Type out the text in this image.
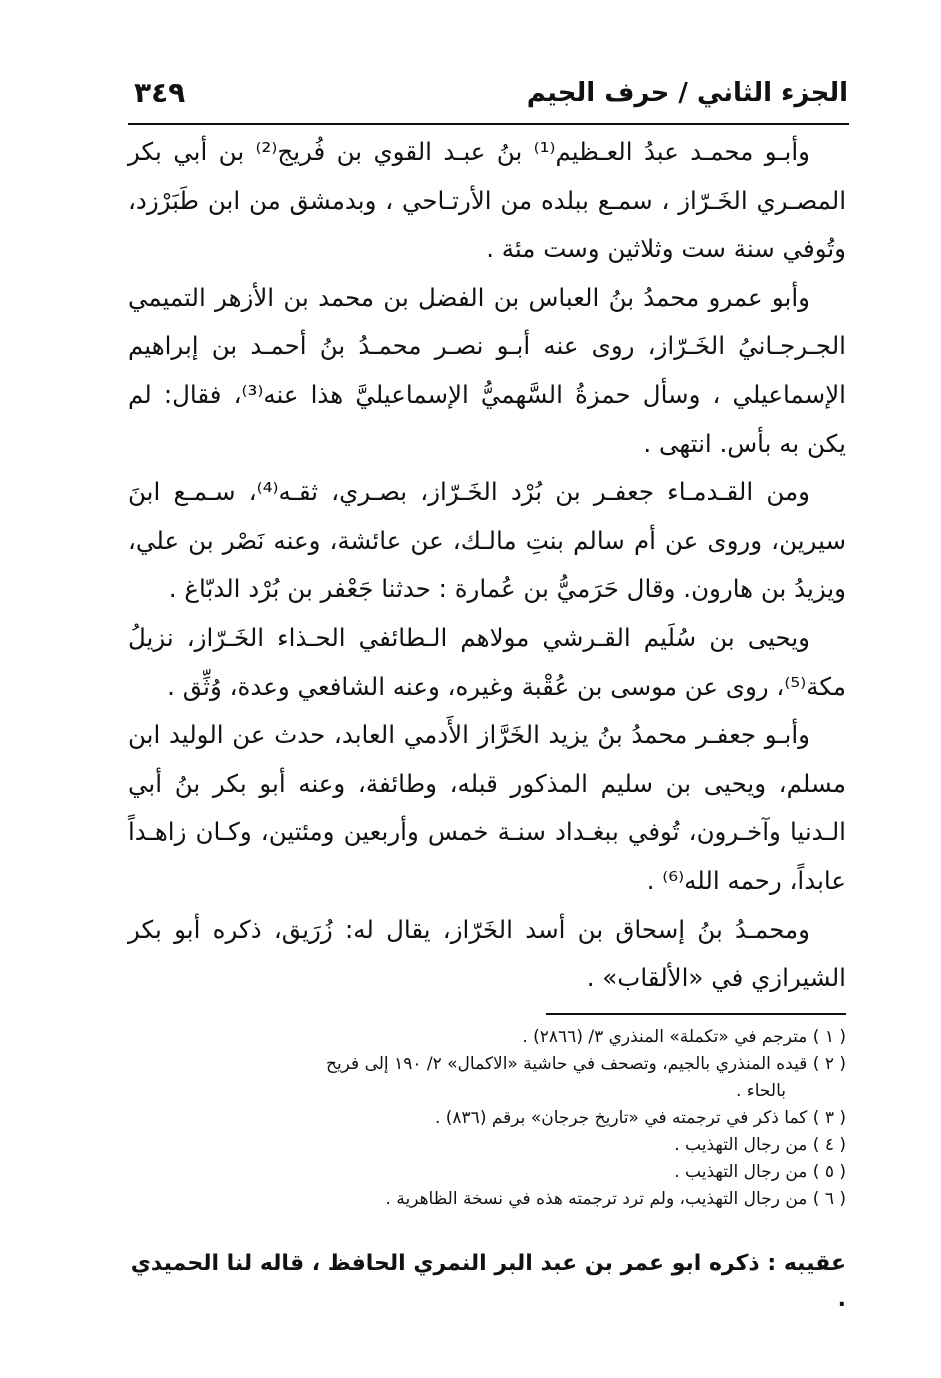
الجزء الثاني / حرف الجيم
٣٤٩

وأبـو محمـد عبدُ العـظيم⁽¹⁾ بنُ عبـد القوي بن فُريج⁽²⁾ بن أبي بكر المصـري الخَـرّاز ، سمـع ببلده من الأرتـاحي ، وبدمشق من ابن طَبَرْزد، وتُوفي سنة ست وثلاثين وست مئة .

وأبو عمرو محمدُ بنُ العباس بن الفضل بن محمد بن الأزهر التميمي الجـرجـانيُ الخَـرّاز، روى عنه أبـو نصـر محمـدُ بنُ أحمـد بن إبراهيم الإسماعيلي ، وسأل حمزةُ السَّهميُّ الإسماعيليَّ هذا عنه⁽³⁾، فقال: لم يكن به بأس. انتهى .

ومن القـدمـاء جعفـر بن بُرْد الخَـرّاز، بصـري، ثقـه⁽⁴⁾، سـمـع ابنَ سيرين، وروى عن أم سالم بنتِ مالـك، عن عائشة، وعنه نَصْر بن علي، ويزيدُ بن هارون. وقال حَرَميُّ بن عُمارة : حدثنا جَعْفر بن بُرْد الدبّاغ .

ويحيى بن سُلَيم القـرشي مولاهم الـطائفي الحـذاء الخَـرّاز، نزيلُ مكة⁽⁵⁾، روى عن موسى بن عُقْبة وغيره، وعنه الشافعي وعدة، وُثِّق .

وأبـو جعفـر محمدُ بنُ يزيد الخَرَّاز الأَدمي العابد، حدث عن الوليد ابن مسلم، ويحيى بن سليم المذكور قبله، وطائفة، وعنه أبو بكر بنُ أبي الـدنيا وآخـرون، تُوفي ببغـداد سنـة خمس وأربعين ومئتين، وكـان زاهـداً عابداً، رحمه الله⁽⁶⁾ .

ومحمـدُ بنُ إسحاق بن أسد الخَرّاز، يقال له: زُرَيق، ذكره أبو بكر الشيرازي في «الألقاب» .

( ١ ) مترجم في «تكملة» المنذري ٣/ (٢٨٦٦) .

( ٢ ) قيده المنذري بالجيم، وتصحف في حاشية «الاكمال» ٢/ ١٩٠ إلى فريح

بالحاء .

( ٣ ) كما ذكر في ترجمته في «تاريخ جرجان» برقم (٨٣٦) .

( ٤ ) من رجال التهذيب .

( ٥ ) من رجال التهذيب .

( ٦ ) من رجال التهذيب، ولم ترد ترجمته هذه في نسخة الظاهرية .

عقيبه : ذكره ابو عمر بن عبد البر النمري الحافظ ، قاله لنا الحميدي .
